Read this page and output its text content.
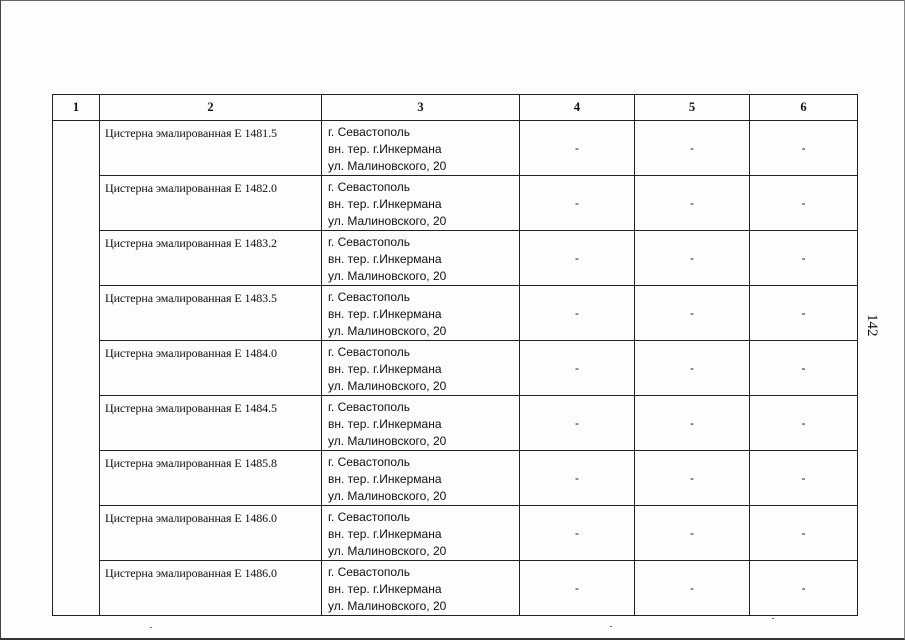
1	2	3	4	5	6

	Цистерна эмалированная Е 1481.5	г. Севастополь
вн. тер. г.Инкермана
ул. Малиновского, 20	-	-	-

	Цистерна эмалированная Е 1482.0	г. Севастополь
вн. тер. г.Инкермана
ул. Малиновского, 20	-	-	-

	Цистерна эмалированная Е 1483.2	г. Севастополь
вн. тер. г.Инкермана
ул. Малиновского, 20	-	-	-

	Цистерна эмалированная Е 1483.5	г. Севастополь
вн. тер. г.Инкермана
ул. Малиновского, 20	-	-	-

	Цистерна эмалированная Е 1484.0	г. Севастополь
вн. тер. г.Инкермана
ул. Малиновского, 20	-	-	-

	Цистерна эмалированная Е 1484.5	г. Севастополь
вн. тер. г.Инкермана
ул. Малиновского, 20	-	-	-

	Цистерна эмалированная Е 1485.8	г. Севастополь
вн. тер. г.Инкермана
ул. Малиновского, 20	-	-	-

	Цистерна эмалированная Е 1486.0	г. Севастополь
вн. тер. г.Инкермана
ул. Малиновского, 20	-	-	-

	Цистерна эмалированная Е 1486.0	г. Севастополь
вн. тер. г.Инкермана
ул. Малиновского, 20	-	-	-
142
